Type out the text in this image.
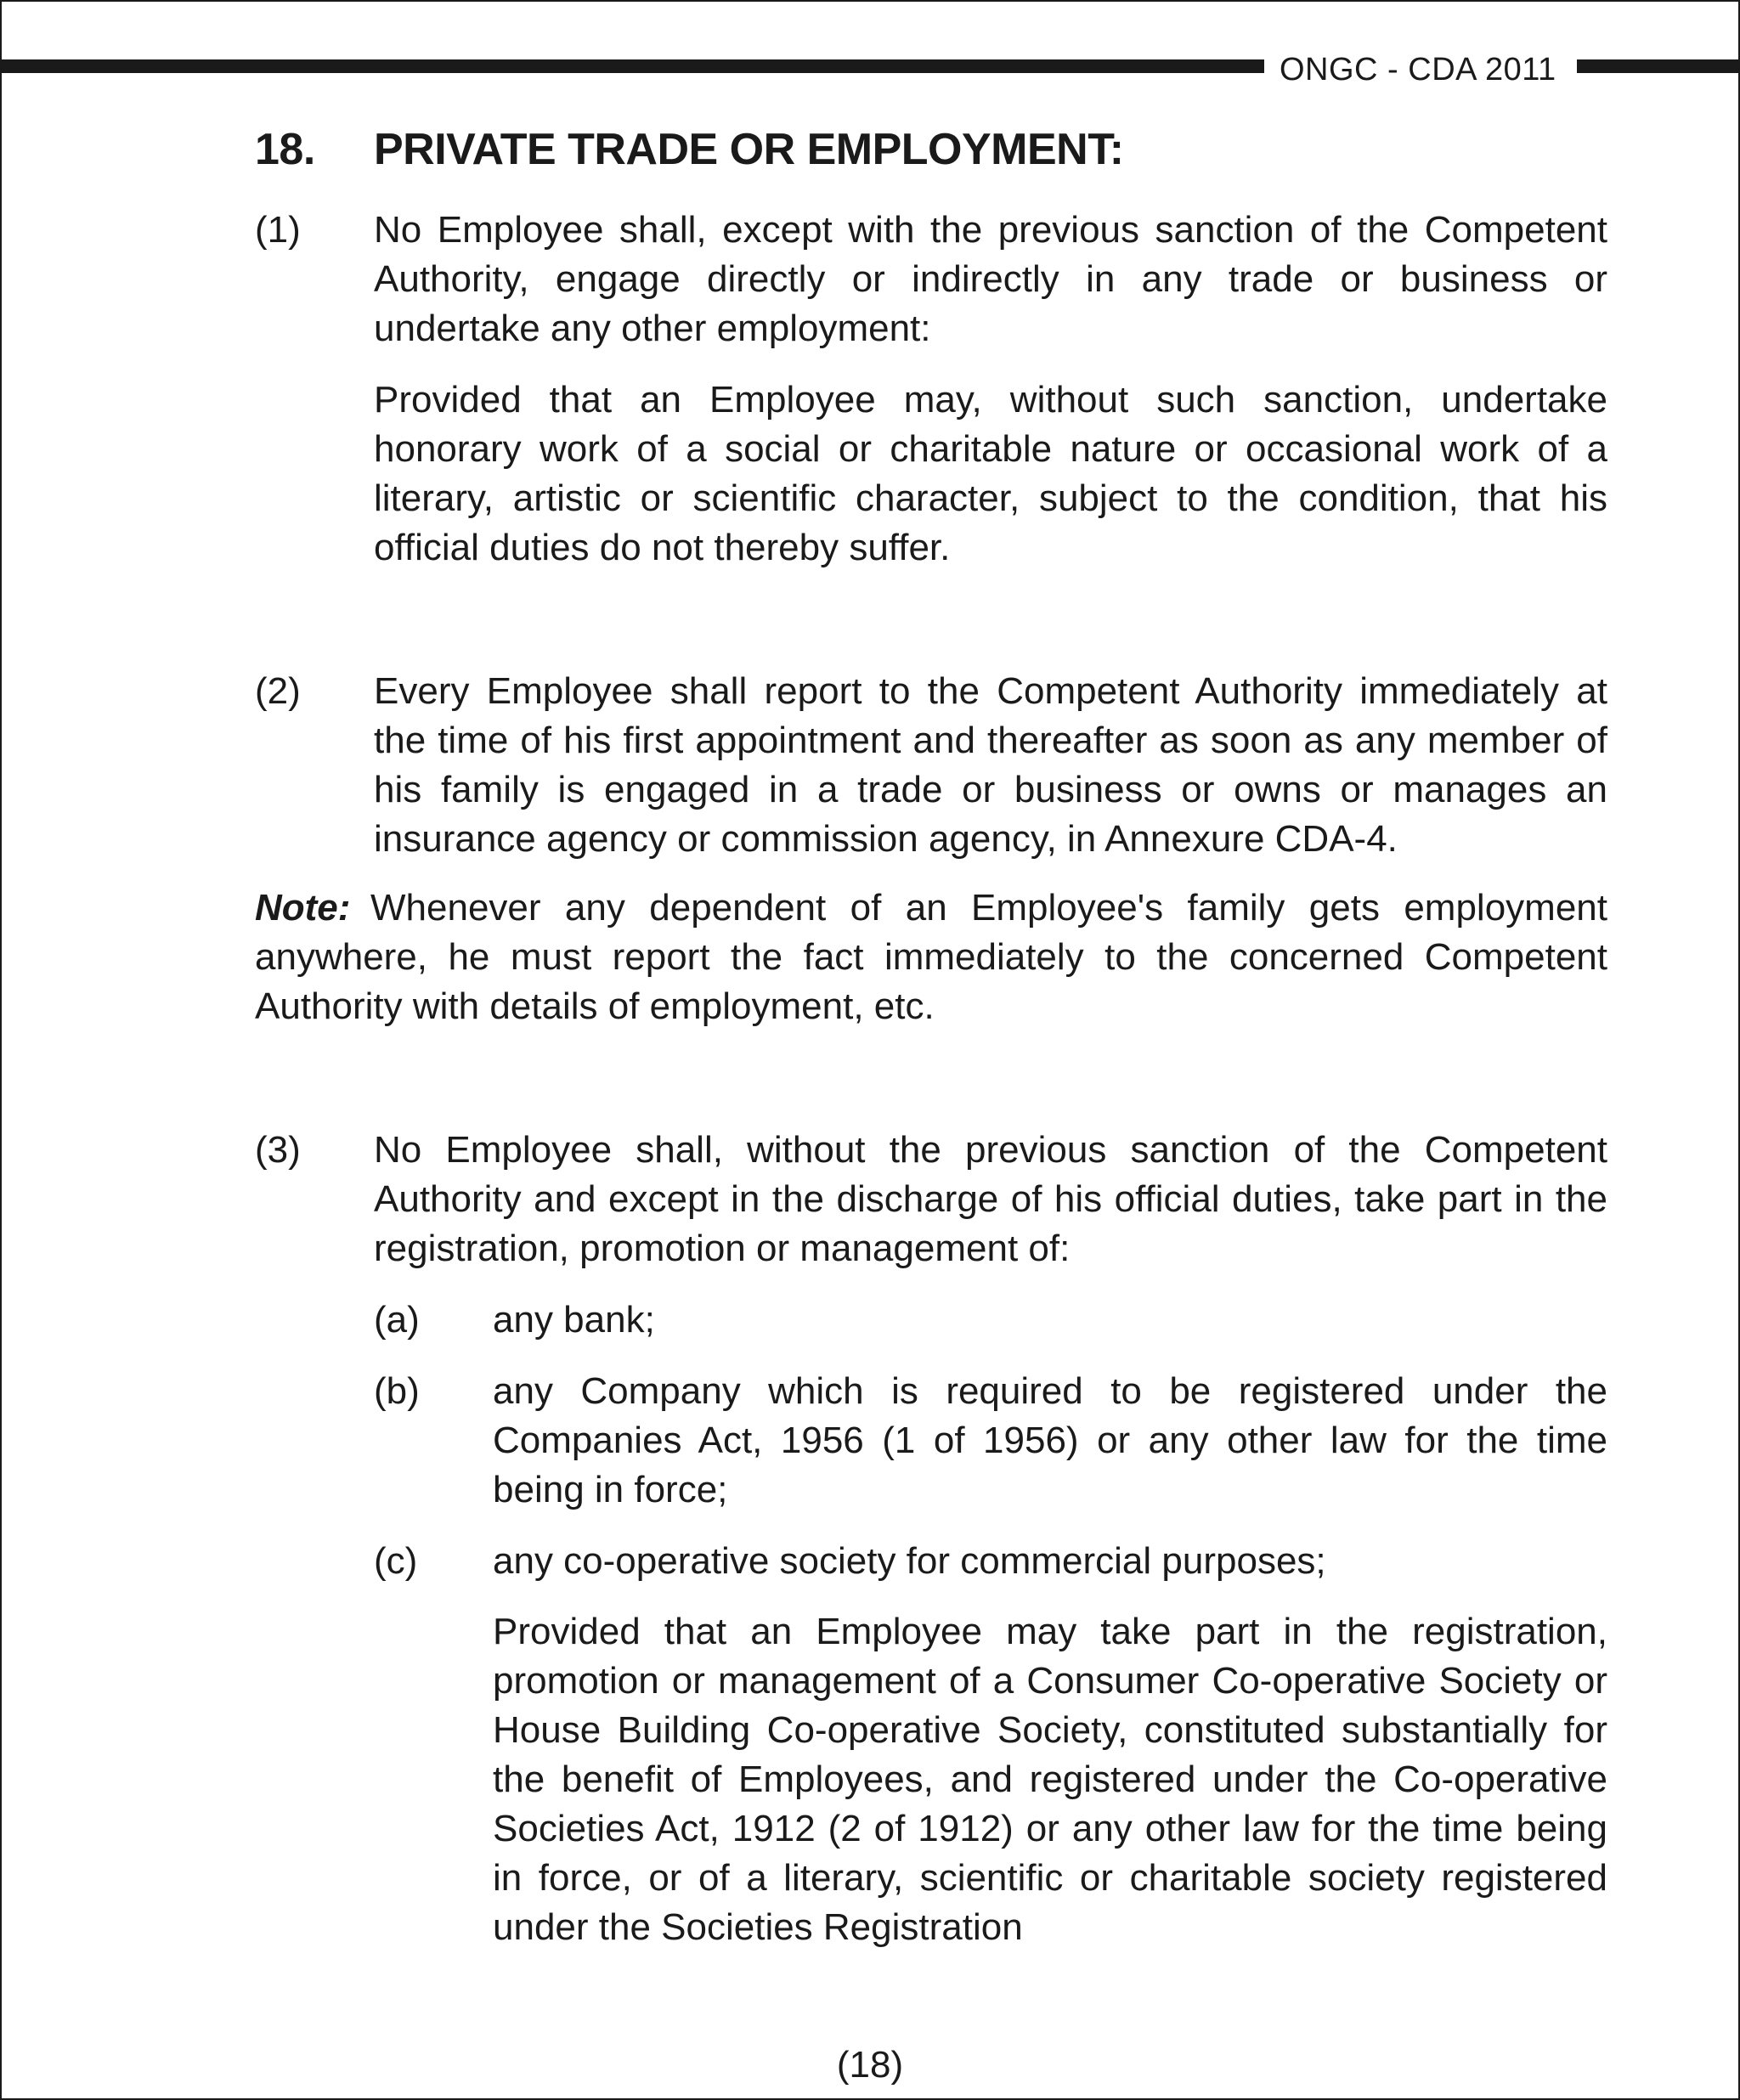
ONGC - CDA 2011
18. PRIVATE TRADE OR EMPLOYMENT:
(1) No Employee shall, except with the previous sanction of the Competent Authority, engage directly or indirectly in any trade or business or undertake any other employment:
Provided that an Employee may, without such sanction, undertake honorary work of a social or charitable nature or occasional work of a literary, artistic or scientific character, subject to the condition, that his official duties do not thereby suffer.
(2) Every Employee shall report to the Competent Authority immediately at the time of his first appointment and thereafter as soon as any member of his family is engaged in a trade or business or owns or manages an insurance agency or commission agency, in Annexure CDA-4.
Note: Whenever any dependent of an Employee's family gets employment anywhere, he must report the fact immediately to the concerned Competent Authority with details of employment, etc.
(3) No Employee shall, without the previous sanction of the Competent Authority and except in the discharge of his official duties, take part in the registration, promotion or management of:
(a) any bank;
(b) any Company which is required to be registered under the Companies Act, 1956 (1 of 1956) or any other law for the time being in force;
(c) any co-operative society for commercial purposes;
Provided that an Employee may take part in the registration, promotion or management of a Consumer Co-operative Society or House Building Co-operative Society, constituted substantially for the benefit of Employees, and registered under the Co-operative Societies Act, 1912 (2 of 1912) or any other law for the time being in force, or of a literary, scientific or charitable society registered under the Societies Registration
(18)
